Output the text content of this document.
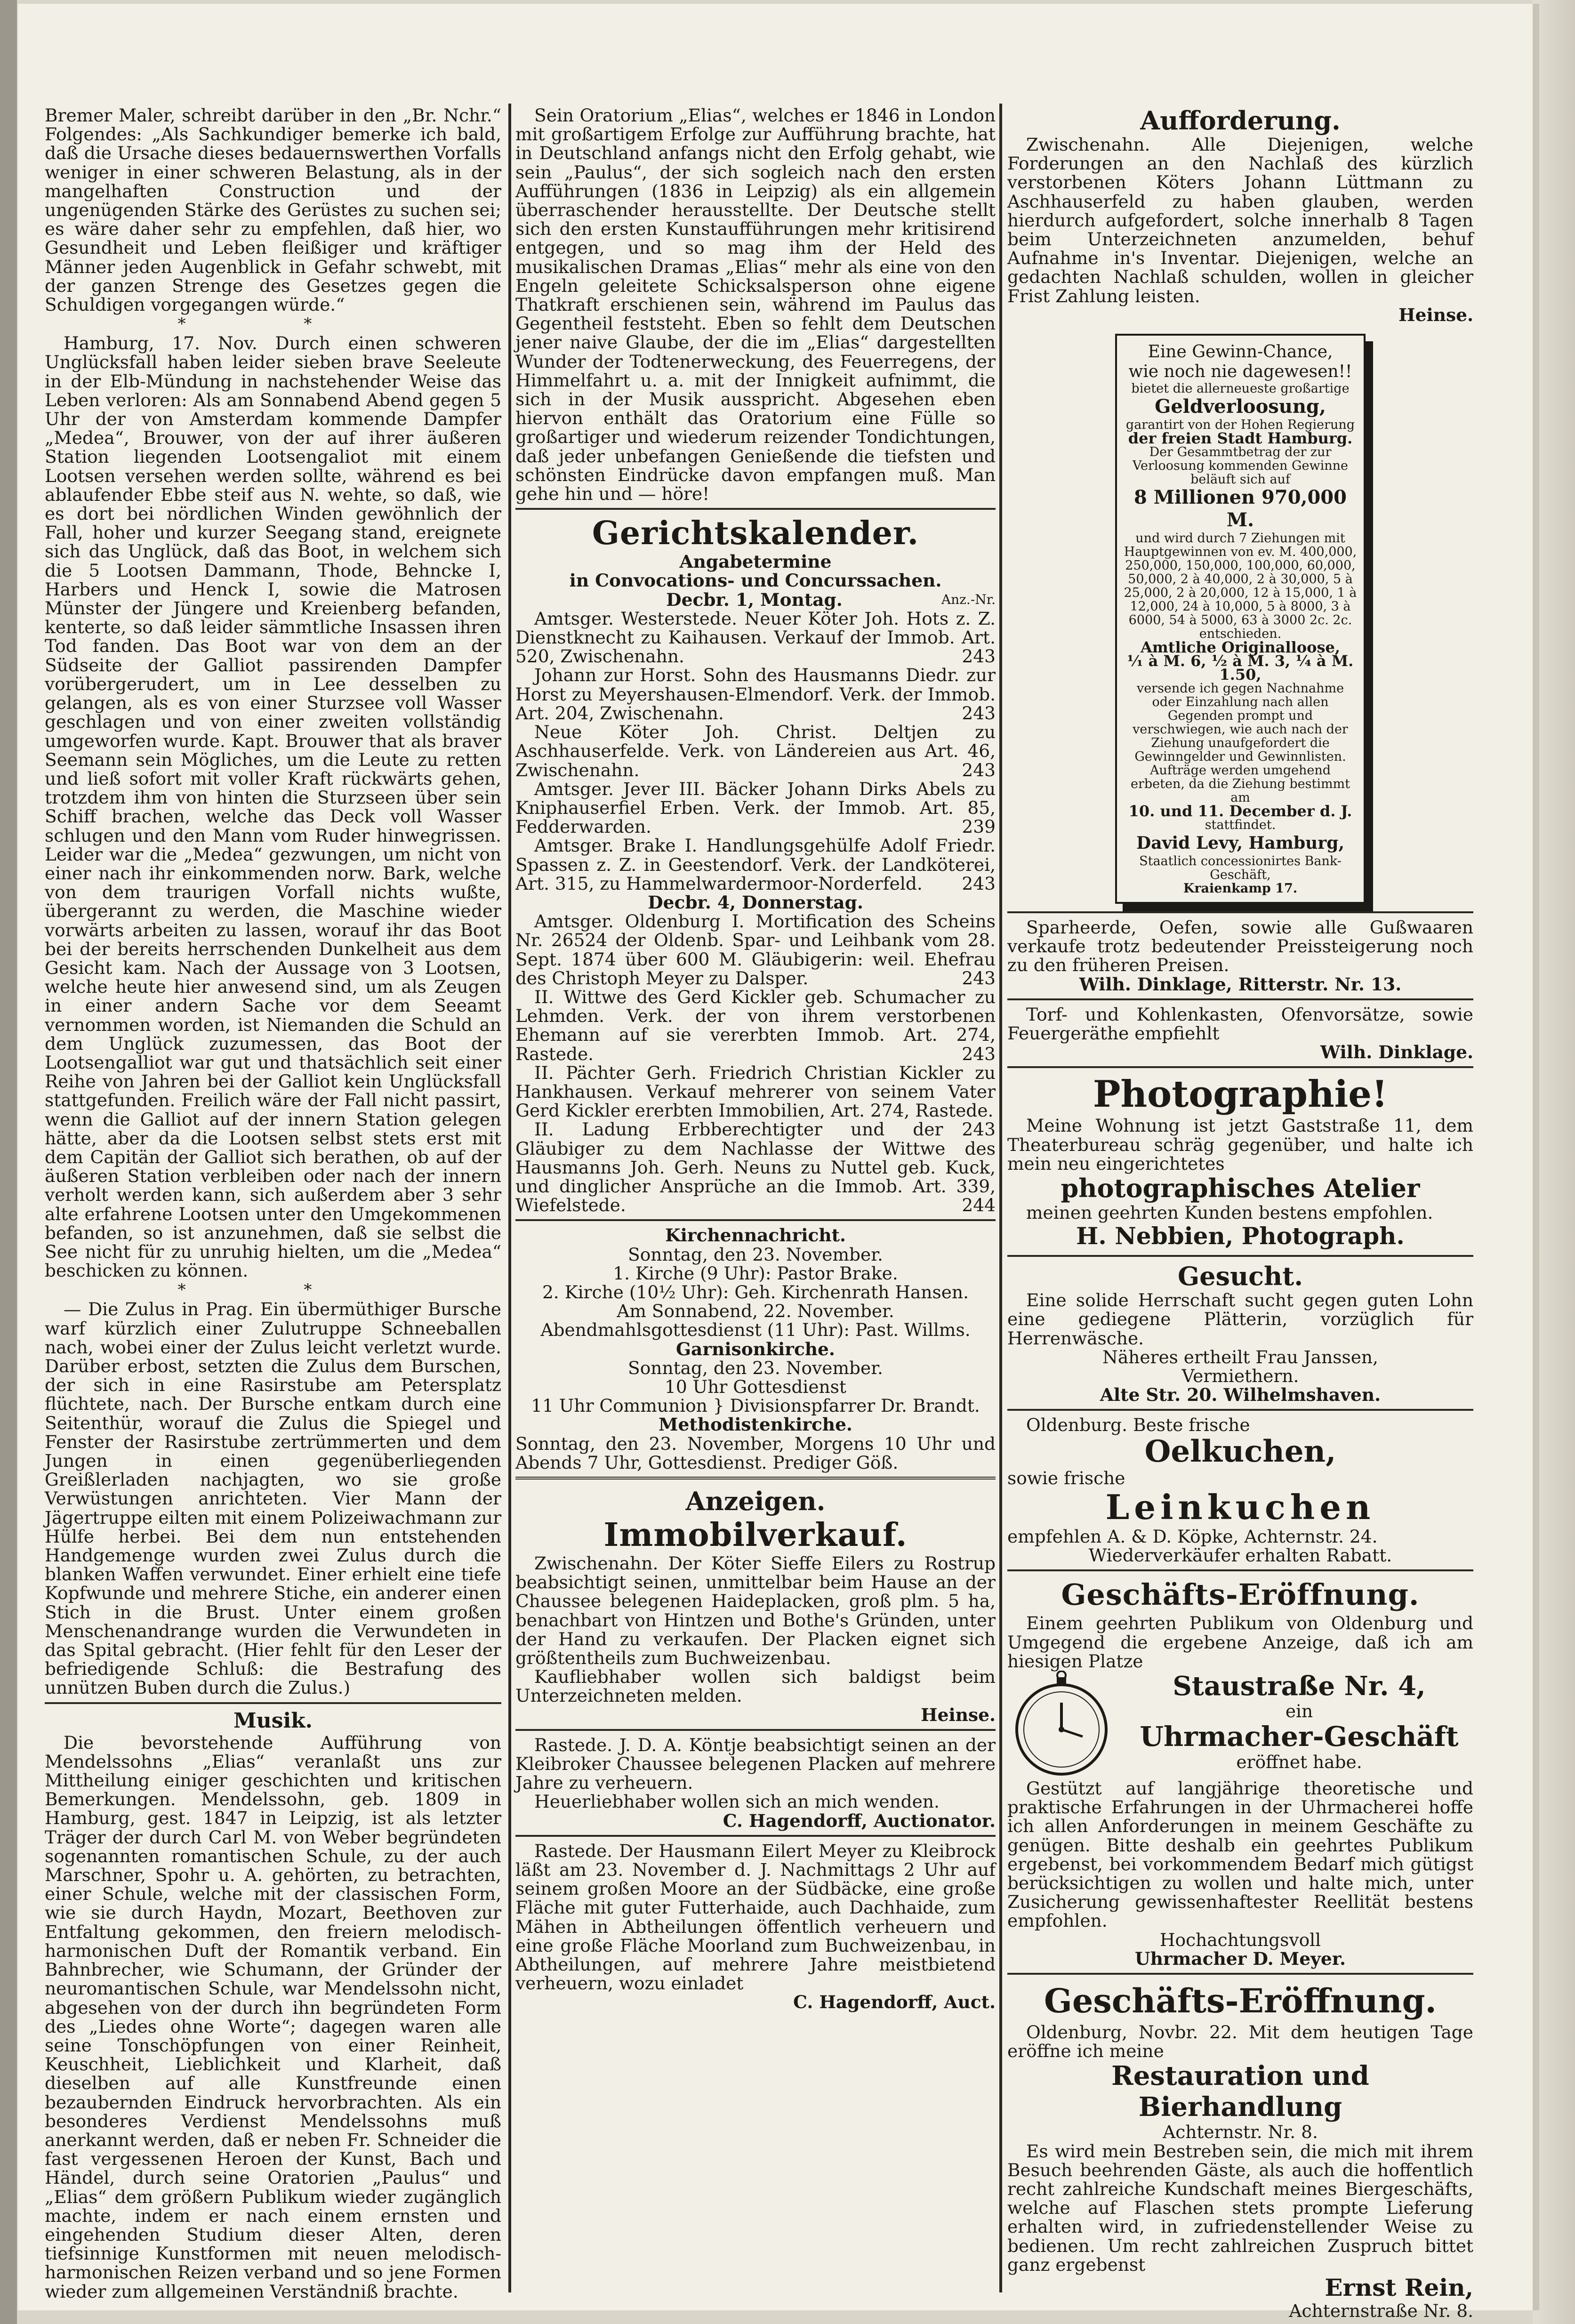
Bremer Maler, schreibt darüber in den „Br. Nchr.“ Folgendes: „Als Sachkundiger bemerke ich bald, daß die Ursache dieses bedauernswerthen Vorfalls weniger in einer schweren Belastung, als in der mangelhaften Construction und der ungenügenden Stärke des Gerüstes zu suchen sei; es wäre daher sehr zu empfehlen, daß hier, wo Gesundheit und Leben fleißiger und kräftiger Männer jeden Augenblick in Gefahr schwebt, mit der ganzen Strenge des Gesetzes gegen die Schuldigen vorgegangen würde.“

* *

Hamburg, 17. Nov. Durch einen schweren Unglücksfall haben leider sieben brave Seeleute in der Elb-Mündung in nachstehender Weise das Leben verloren: Als am Sonnabend Abend gegen 5 Uhr der von Amsterdam kommende Dampfer „Medea“, Brouwer, von der auf ihrer äußeren Station liegenden Lootsengaliot mit einem Lootsen versehen werden sollte, während es bei ablaufender Ebbe steif aus N. wehte, so daß, wie es dort bei nördlichen Winden gewöhnlich der Fall, hoher und kurzer Seegang stand, ereignete sich das Unglück, daß das Boot, in welchem sich die 5 Lootsen Dammann, Thode, Behncke I, Harbers und Henck I, sowie die Matrosen Münster der Jüngere und Kreienberg befanden, kenterte, so daß leider sämmtliche Insassen ihren Tod fanden. Das Boot war von dem an der Südseite der Galliot passirenden Dampfer vorübergerudert, um in Lee desselben zu gelangen, als es von einer Sturzsee voll Wasser geschlagen und von einer zweiten vollständig umgeworfen wurde. Kapt. Brouwer that als braver Seemann sein Mögliches, um die Leute zu retten und ließ sofort mit voller Kraft rückwärts gehen, trotzdem ihm von hinten die Sturzseen über sein Schiff brachen, welche das Deck voll Wasser schlugen und den Mann vom Ruder hinwegrissen. Leider war die „Medea“ gezwungen, um nicht von einer nach ihr einkommenden norw. Bark, welche von dem traurigen Vorfall nichts wußte, übergerannt zu werden, die Maschine wieder vorwärts arbeiten zu lassen, worauf ihr das Boot bei der bereits herrschenden Dunkelheit aus dem Gesicht kam. Nach der Aussage von 3 Lootsen, welche heute hier anwesend sind, um als Zeugen in einer andern Sache vor dem Seeamt vernommen worden, ist Niemanden die Schuld an dem Unglück zuzumessen, das Boot der Lootsengalliot war gut und thatsächlich seit einer Reihe von Jahren bei der Galliot kein Unglücksfall stattgefunden. Freilich wäre der Fall nicht passirt, wenn die Galliot auf der innern Station gelegen hätte, aber da die Lootsen selbst stets erst mit dem Capitän der Galliot sich berathen, ob auf der äußeren Station verbleiben oder nach der innern verholt werden kann, sich außerdem aber 3 sehr alte erfahrene Lootsen unter den Umgekommenen befanden, so ist anzunehmen, daß sie selbst die See nicht für zu unruhig hielten, um die „Medea“ beschicken zu können.

* *

— Die Zulus in Prag. Ein übermüthiger Bursche warf kürzlich einer Zulutruppe Schneeballen nach, wobei einer der Zulus leicht verletzt wurde. Darüber erbost, setzten die Zulus dem Burschen, der sich in eine Rasirstube am Petersplatz flüchtete, nach. Der Bursche entkam durch eine Seitenthür, worauf die Zulus die Spiegel und Fenster der Rasirstube zertrümmerten und dem Jungen in einen gegenüberliegenden Greißlerladen nachjagten, wo sie große Verwüstungen anrichteten. Vier Mann der Jägertruppe eilten mit einem Polizeiwachmann zur Hülfe herbei. Bei dem nun entstehenden Handgemenge wurden zwei Zulus durch die blanken Waffen verwundet. Einer erhielt eine tiefe Kopfwunde und mehrere Stiche, ein anderer einen Stich in die Brust. Unter einem großen Menschenandrange wurden die Verwundeten in das Spital gebracht. (Hier fehlt für den Leser der befriedigende Schluß: die Bestrafung des unnützen Buben durch die Zulus.)

Musik.

Die bevorstehende Aufführung von Mendelssohns „Elias“ veranlaßt uns zur Mittheilung einiger geschichten und kritischen Bemerkungen. Mendelssohn, geb. 1809 in Hamburg, gest. 1847 in Leipzig, ist als letzter Träger der durch Carl M. von Weber begründeten sogenannten romantischen Schule, zu der auch Marschner, Spohr u. A. gehörten, zu betrachten, einer Schule, welche mit der classischen Form, wie sie durch Haydn, Mozart, Beethoven zur Entfaltung gekommen, den freiern melodisch-harmonischen Duft der Romantik verband. Ein Bahnbrecher, wie Schumann, der Gründer der neuromantischen Schule, war Mendelssohn nicht, abgesehen von der durch ihn begründeten Form des „Liedes ohne Worte“; dagegen waren alle seine Tonschöpfungen von einer Reinheit, Keuschheit, Lieblichkeit und Klarheit, daß dieselben auf alle Kunstfreunde einen bezaubernden Eindruck hervorbrachten. Als ein besonderes Verdienst Mendelssohns muß anerkannt werden, daß er neben Fr. Schneider die fast vergessenen Heroen der Kunst, Bach und Händel, durch seine Oratorien „Paulus“ und „Elias“ dem größern Publikum wieder zugänglich machte, indem er nach einem ernsten und eingehenden Studium dieser Alten, deren tiefsinnige Kunstformen mit neuen melodisch-harmonischen Reizen verband und so jene Formen wieder zum allgemeinen Verständniß brachte.

Sein Oratorium „Elias“, welches er 1846 in London mit großartigem Erfolge zur Aufführung brachte, hat in Deutschland anfangs nicht den Erfolg gehabt, wie sein „Paulus“, der sich sogleich nach den ersten Aufführungen (1836 in Leipzig) als ein allgemein überraschender herausstellte. Der Deutsche stellt sich den ersten Kunstaufführungen mehr kritisirend entgegen, und so mag ihm der Held des musikalischen Dramas „Elias“ mehr als eine von den Engeln geleitete Schicksalsperson ohne eigene Thatkraft erschienen sein, während im Paulus das Gegentheil feststeht. Eben so fehlt dem Deutschen jener naive Glaube, der die im „Elias“ dargestellten Wunder der Todtenerweckung, des Feuerregens, der Himmelfahrt u. a. mit der Innigkeit aufnimmt, die sich in der Musik ausspricht. Abgesehen eben hiervon enthält das Oratorium eine Fülle so großartiger und wiederum reizender Tondichtungen, daß jeder unbefangen Genießende die tiefsten und schönsten Eindrücke davon empfangen muß. Man gehe hin und — höre!

Gerichtskalender.
Angabetermine
in Convocations- und Concurssachen.
Decbr. 1, Montag.	Anz.-Nr.

Amtsger. Westerstede. Neuer Köter Joh. Hots z. Z. Dienstknecht zu Kaihausen. Verkauf der Immob. Art. 520, Zwischenahn.	243

Johann zur Horst. Sohn des Hausmanns Diedr. zur Horst zu Meyershausen-Elmendorf. Verk. der Immob. Art. 204, Zwischenahn.	243

Neue Köter Joh. Christ. Deltjen zu Aschhauserfelde. Verk. von Ländereien aus Art. 46, Zwischenahn.	243

Amtsger. Jever III. Bäcker Johann Dirks Abels zu Kniphauserfiel Erben. Verk. der Immob. Art. 85, Fedderwarden.	239

Amtsger. Brake I. Handlungsgehülfe Adolf Friedr. Spassen z. Z. in Geestendorf. Verk. der Landköterei, Art. 315, zu Hammelwardermoor-Norderfeld.	243

Decbr. 4, Donnerstag.

Amtsger. Oldenburg I. Mortification des Scheins Nr. 26524 der Oldenb. Spar- und Leihbank vom 28. Sept. 1874 über 600 M. Gläubigerin: weil. Ehefrau des Christoph Meyer zu Dalsper.	243

II. Wittwe des Gerd Kickler geb. Schumacher zu Lehmden. Verk. der von ihrem verstorbenen Ehemann auf sie vererbten Immob. Art. 274, Rastede.	243

II. Pächter Gerh. Friedrich Christian Kickler zu Hankhausen. Verkauf mehrerer von seinem Vater Gerd Kickler ererbten Immobilien, Art. 274, Rastede.
243

II. Ladung Erbberechtigter und der Gläubiger zu dem Nachlasse der Wittwe des Hausmanns Joh. Gerh. Neuns zu Nuttel geb. Kuck, und dinglicher Ansprüche an die Immob. Art. 339, Wiefelstede.	244

Kirchennachricht.
Sonntag, den 23. November.
1. Kirche (9 Uhr): Pastor Brake.
2. Kirche (10½ Uhr): Geh. Kirchenrath Hansen.
Am Sonnabend, 22. November.
Abendmahlsgottesdienst (11 Uhr): Past. Willms.
Garnisonkirche.
Sonntag, den 23. November.
10 Uhr Gottesdienst
11 Uhr Communion } Divisionspfarrer Dr. Brandt.
Methodistenkirche.

Sonntag, den 23. November, Morgens 10 Uhr und Abends 7 Uhr, Gottesdienst. Prediger Göß.

Anzeigen.
Immobilverkauf.

Zwischenahn. Der Köter Sieffe Eilers zu Rostrup beabsichtigt seinen, unmittelbar beim Hause an der Chaussee belegenen Haideplacken, groß plm. 5 ha, benachbart von Hintzen und Bothe's Gründen, unter der Hand zu verkaufen. Der Placken eignet sich größtentheils zum Buchweizenbau.

Kaufliebhaber wollen sich baldigst beim Unterzeichneten melden.

Heinse.

Rastede. J. D. A. Köntje beabsichtigt seinen an der Kleibroker Chaussee belegenen Placken auf mehrere Jahre zu verheuern.

Heuerliebhaber wollen sich an mich wenden.

C. Hagendorff, Auctionator.

Rastede. Der Hausmann Eilert Meyer zu Kleibrock läßt am 23. November d. J. Nachmittags 2 Uhr auf seinem großen Moore an der Südbäcke, eine große Fläche mit guter Futterhaide, auch Dachhaide, zum Mähen in Abtheilungen öffentlich verheuern und eine große Fläche Moorland zum Buchweizenbau, in Abtheilungen, auf mehrere Jahre meistbietend verheuern, wozu einladet

C. Hagendorff, Auct.
Aufforderung.

Zwischenahn. Alle Diejenigen, welche Forderungen an den Nachlaß des kürzlich verstorbenen Köters Johann Lüttmann zu Aschhauserfeld zu haben glauben, werden hierdurch aufgefordert, solche innerhalb 8 Tagen beim Unterzeichneten anzumelden, behuf Aufnahme in's Inventar. Diejenigen, welche an gedachten Nachlaß schulden, wollen in gleicher Frist Zahlung leisten.

Heinse.
Eine Gewinn-Chance,
wie noch nie dagewesen!!
bietet die allerneueste großartige
Geldverloosung,
garantirt von der Hohen Regierung
der freien Stadt Hamburg.
Der Gesammtbetrag der zur Verloosung kommenden Gewinne beläuft sich auf
8 Millionen 970,000 M.
und wird durch 7 Ziehungen mit Hauptgewinnen von ev. M. 400,000, 250,000, 150,000, 100,000, 60,000, 50,000, 2 à 40,000, 2 à 30,000, 5 à 25,000, 2 à 20,000, 12 à 15,000, 1 à 12,000, 24 à 10,000, 5 à 8000, 3 à 6000, 54 à 5000, 63 à 3000 2c. 2c. entschieden.
Amtliche Originalloose,
⅟₁ à M. 6, ½ à M. 3, ¼ à M. 1.50,
versende ich gegen Nachnahme oder Einzahlung nach allen Gegenden prompt und verschwiegen, wie auch nach der Ziehung unaufgefordert die Gewinngelder und Gewinnlisten.
Aufträge werden umgehend erbeten, da die Ziehung bestimmt am
10. und 11. December d. J.
stattfindet.
David Levy, Hamburg,
Staatlich concessionirtes Bank-Geschäft,
Kraienkamp 17.

Sparheerde, Oefen, sowie alle Gußwaaren verkaufe trotz bedeutender Preissteigerung noch zu den früheren Preisen.

Wilh. Dinklage, Ritterstr. Nr. 13.

Torf- und Kohlenkasten, Ofenvorsätze, sowie Feuergeräthe empfiehlt

Wilh. Dinklage.
Photographie!

Meine Wohnung ist jetzt Gaststraße 11, dem Theaterbureau schräg gegenüber, und halte ich mein neu eingerichtetes

photographisches Atelier

meinen geehrten Kunden bestens empfohlen.

H. Nebbien, Photograph.
Gesucht.

Eine solide Herrschaft sucht gegen guten Lohn eine gediegene Plätterin, vorzüglich für Herrenwäsche.

Näheres ertheilt Frau Janssen,
Vermiethern.
Alte Str. 20. Wilhelmshaven.

Oldenburg. Beste frische

Oelkuchen,

sowie frische

Leinkuchen

empfehlen A. & D. Köpke, Achternstr. 24.

Wiederverkäufer erhalten Rabatt.
Geschäfts-Eröffnung.

Einem geehrten Publikum von Oldenburg und Umgegend die ergebene Anzeige, daß ich am hiesigen Platze

Staustraße Nr. 4,
ein
Uhrmacher-Geschäft
eröffnet habe.

Gestützt auf langjährige theoretische und praktische Erfahrungen in der Uhrmacherei hoffe ich allen Anforderungen in meinem Geschäfte zu genügen. Bitte deshalb ein geehrtes Publikum ergebenst, bei vorkommendem Bedarf mich gütigst berücksichtigen zu wollen und halte mich, unter Zusicherung gewissenhaftester Reellität bestens empfohlen.

Hochachtungsvoll
Uhrmacher D. Meyer.
Geschäfts-Eröffnung.

Oldenburg, Novbr. 22. Mit dem heutigen Tage eröffne ich meine

Restauration und Bierhandlung
Achternstr. Nr. 8.

Es wird mein Bestreben sein, die mich mit ihrem Besuch beehrenden Gäste, als auch die hoffentlich recht zahlreiche Kundschaft meines Biergeschäfts, welche auf Flaschen stets prompte Lieferung erhalten wird, in zufriedenstellender Weise zu bedienen. Um recht zahlreichen Zuspruch bittet ganz ergebenst

Ernst Rein,
Achternstraße Nr. 8.
